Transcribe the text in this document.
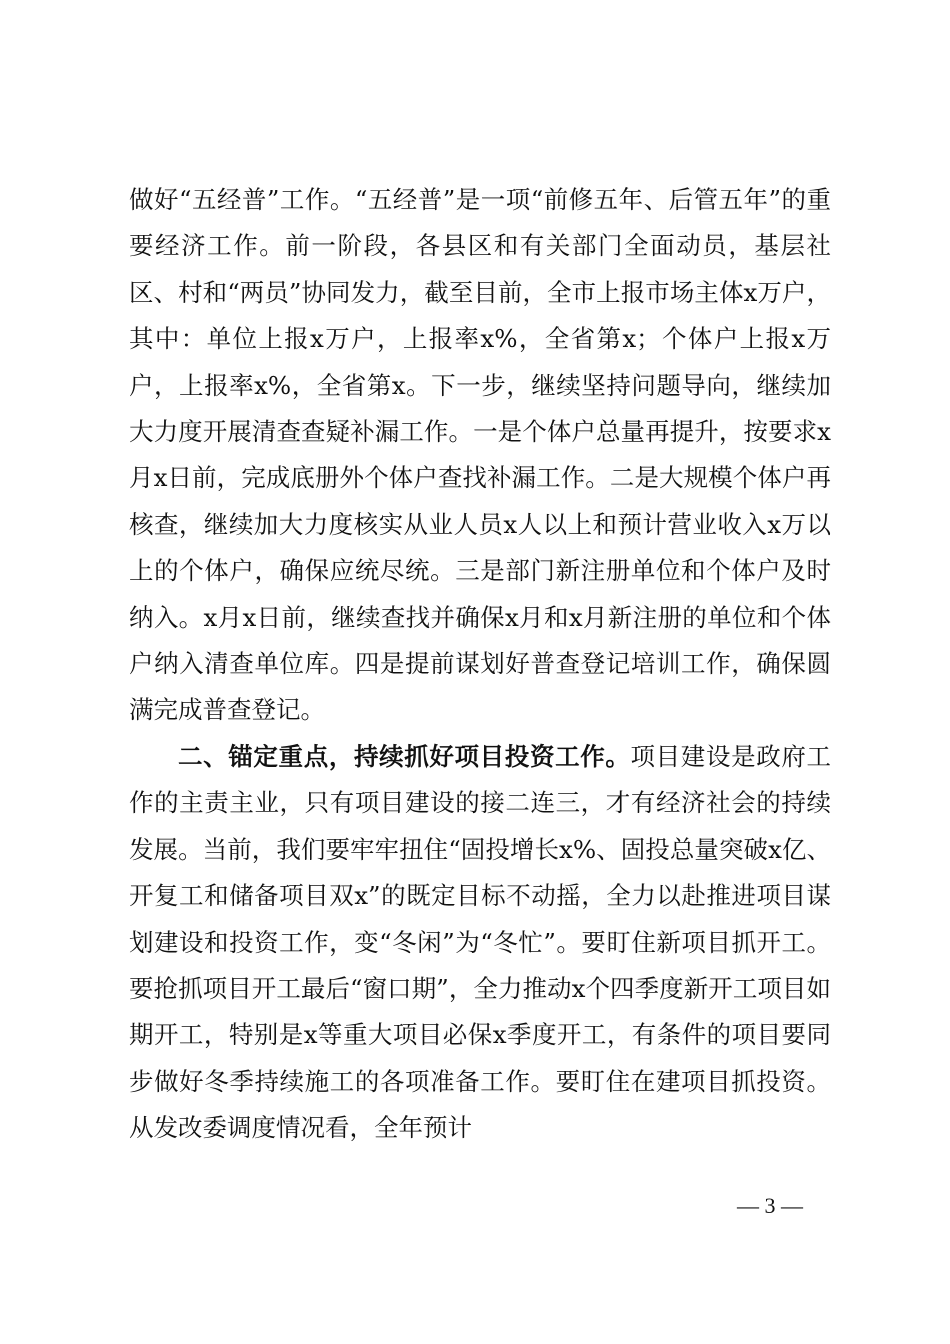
做好“五经普”工作。“五经普”是一项“前修五年、后管五年”的重要经济工作。前一阶段，各县区和有关部门全面动员，基层社区、村和“两员”协同发力，截至目前，全市上报市场主体x万户，其中：单位上报x万户，上报率x%，全省第x；个体户上报x万户，上报率x%，全省第x。下一步，继续坚持问题导向，继续加大力度开展清查查疑补漏工作。一是个体户总量再提升，按要求x月x日前，完成底册外个体户查找补漏工作。二是大规模个体户再核查，继续加大力度核实从业人员x人以上和预计营业收入x万以上的个体户，确保应统尽统。三是部门新注册单位和个体户及时纳入。x月x日前，继续查找并确保x月和x月新注册的单位和个体户纳入清查单位库。四是提前谋划好普查登记培训工作，确保圆满完成普查登记。

二、锚定重点，持续抓好项目投资工作。项目建设是政府工作的主责主业，只有项目建设的接二连三，才有经济社会的持续发展。当前，我们要牢牢扭住“固投增长x%、固投总量突破x亿、开复工和储备项目双x”的既定目标不动摇，全力以赴推进项目谋划建设和投资工作，变“冬闲”为“冬忙”。要盯住新项目抓开工。要抢抓项目开工最后“窗口期”，全力推动x个四季度新开工项目如期开工，特别是x等重大项目必保x季度开工，有条件的项目要同步做好冬季持续施工的各项准备工作。要盯住在建项目抓投资。从发改委调度情况看，全年预计

— 3 —
